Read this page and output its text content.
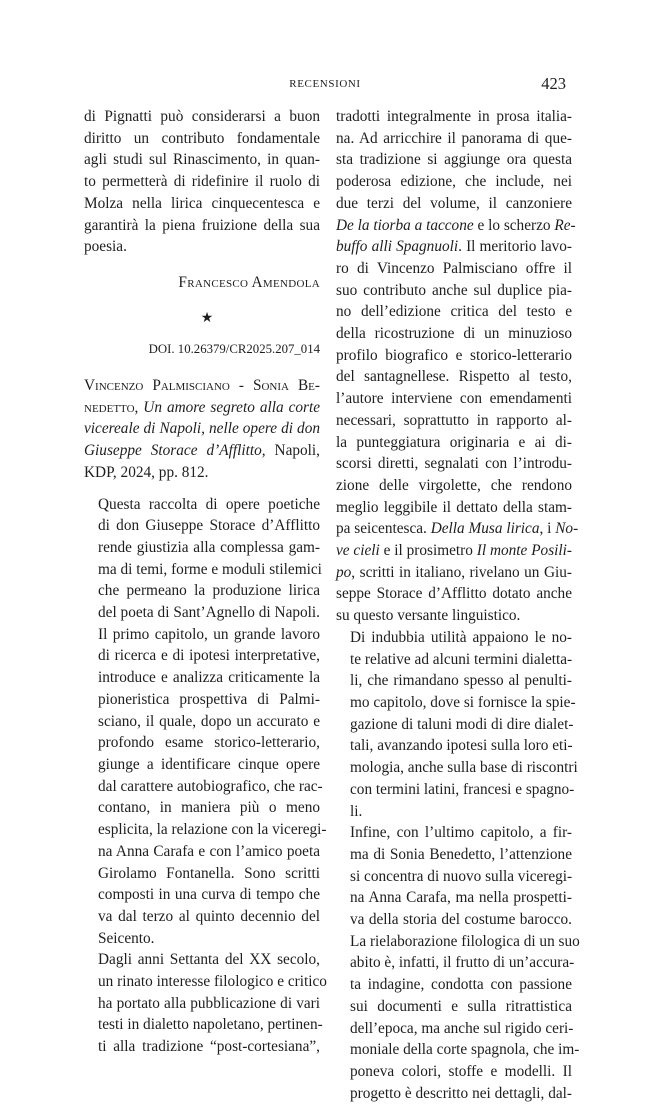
RECENSIONI	423

di Pignatti può considerarsi a buon
diritto un contributo fondamentale
agli studi sul Rinascimento, in quan-
to permetterà di ridefinire il ruolo di
Molza nella lirica cinquecentesca e
garantirà la piena fruizione della sua
poesia.

Francesco Amendola

★

DOI. 10.26379/CR2025.207_014

Vincenzo Palmisciano - Sonia Be-
nedetto, Un amore segreto alla corte
vicereale di Napoli, nelle opere di don
Giuseppe Storace d’Afflitto, Napoli,
KDP, 2024, pp. 812.

Questa raccolta di opere poetiche
di don Giuseppe Storace d’Afflitto
rende giustizia alla complessa gam-
ma di temi, forme e moduli stilemici
che permeano la produzione lirica
del poeta di Sant’Agnello di Napoli.
Il primo capitolo, un grande lavoro
di ricerca e di ipotesi interpretative,
introduce e analizza criticamente la
pioneristica prospettiva di Palmi-
sciano, il quale, dopo un accurato e
profondo esame storico-letterario,
giunge a identificare cinque opere
dal carattere autobiografico, che rac-
contano, in maniera più o meno
esplicita, la relazione con la viceregi-
na Anna Carafa e con l’amico poeta
Girolamo Fontanella. Sono scritti
composti in una curva di tempo che
va dal terzo al quinto decennio del
Seicento.

Dagli anni Settanta del XX secolo,
un rinato interesse filologico e critico
ha portato alla pubblicazione di vari
testi in dialetto napoletano, pertinen-
ti alla tradizione “post-cortesiana”,

tradotti integralmente in prosa italia-
na. Ad arricchire il panorama di que-
sta tradizione si aggiunge ora questa
poderosa edizione, che include, nei
due terzi del volume, il canzoniere
De la tiorba a taccone e lo scherzo Re-
buffo alli Spagnuoli. Il meritorio lavo-
ro di Vincenzo Palmisciano offre il
suo contributo anche sul duplice pia-
no dell’edizione critica del testo e
della ricostruzione di un minuzioso
profilo biografico e storico-letterario
del santagnellese. Rispetto al testo,
l’autore interviene con emendamenti
necessari, soprattutto in rapporto al-
la punteggiatura originaria e ai di-
scorsi diretti, segnalati con l’introdu-
zione delle virgolette, che rendono
meglio leggibile il dettato della stam-
pa seicentesca. Della Musa lirica, i No-
ve cieli e il prosimetro Il monte Posili-
po, scritti in italiano, rivelano un Giu-
seppe Storace d’Afflitto dotato anche
su questo versante linguistico.

Di indubbia utilità appaiono le no-
te relative ad alcuni termini dialetta-
li, che rimandano spesso al penulti-
mo capitolo, dove si fornisce la spie-
gazione di taluni modi di dire dialet-
tali, avanzando ipotesi sulla loro eti-
mologia, anche sulla base di riscontri
con termini latini, francesi e spagno-
li.

Infine, con l’ultimo capitolo, a fir-
ma di Sonia Benedetto, l’attenzione
si concentra di nuovo sulla viceregi-
na Anna Carafa, ma nella prospetti-
va della storia del costume barocco.
La rielaborazione filologica di un suo
abito è, infatti, il frutto di un’accura-
ta indagine, condotta con passione
sui documenti e sulla ritrattistica
dell’epoca, ma anche sul rigido ceri-
moniale della corte spagnola, che im-
poneva colori, stoffe e modelli. Il
progetto è descritto nei dettagli, dal-
